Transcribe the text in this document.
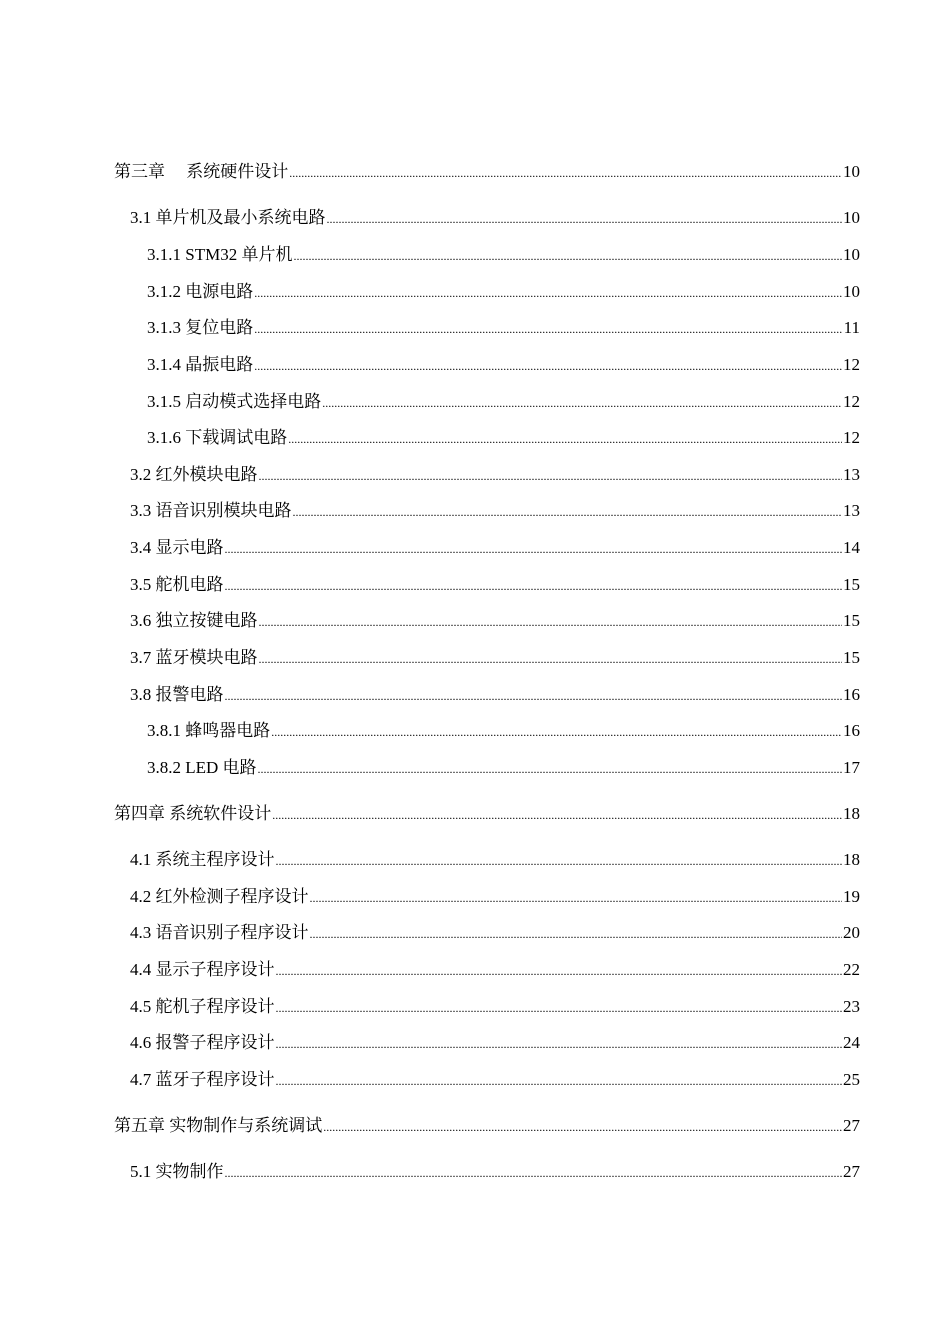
第三章　 系统硬件设计 .....	10
3.1 单片机及最小系统电路 .....	10
3.1.1 STM32 单片机 .....	10
3.1.2 电源电路 .....	10
3.1.3 复位电路 .....	11
3.1.4 晶振电路 .....	12
3.1.5 启动模式选择电路 .....	12
3.1.6 下载调试电路 .....	12
3.2 红外模块电路 .....	13
3.3 语音识别模块电路 .....	13
3.4 显示电路 .....	14
3.5 舵机电路 .....	15
3.6 独立按键电路 .....	15
3.7 蓝牙模块电路 .....	15
3.8 报警电路 .....	16
3.8.1 蜂鸣器电路 .....	16
3.8.2 LED 电路 .....	17
第四章 系统软件设计 .....	18
4.1 系统主程序设计 .....	18
4.2 红外检测子程序设计 .....	19
4.3 语音识别子程序设计 .....	20
4.4 显示子程序设计 .....	22
4.5 舵机子程序设计 .....	23
4.6 报警子程序设计 .....	24
4.7 蓝牙子程序设计 .....	25
第五章 实物制作与系统调试 .....	27
5.1 实物制作 .....	27
